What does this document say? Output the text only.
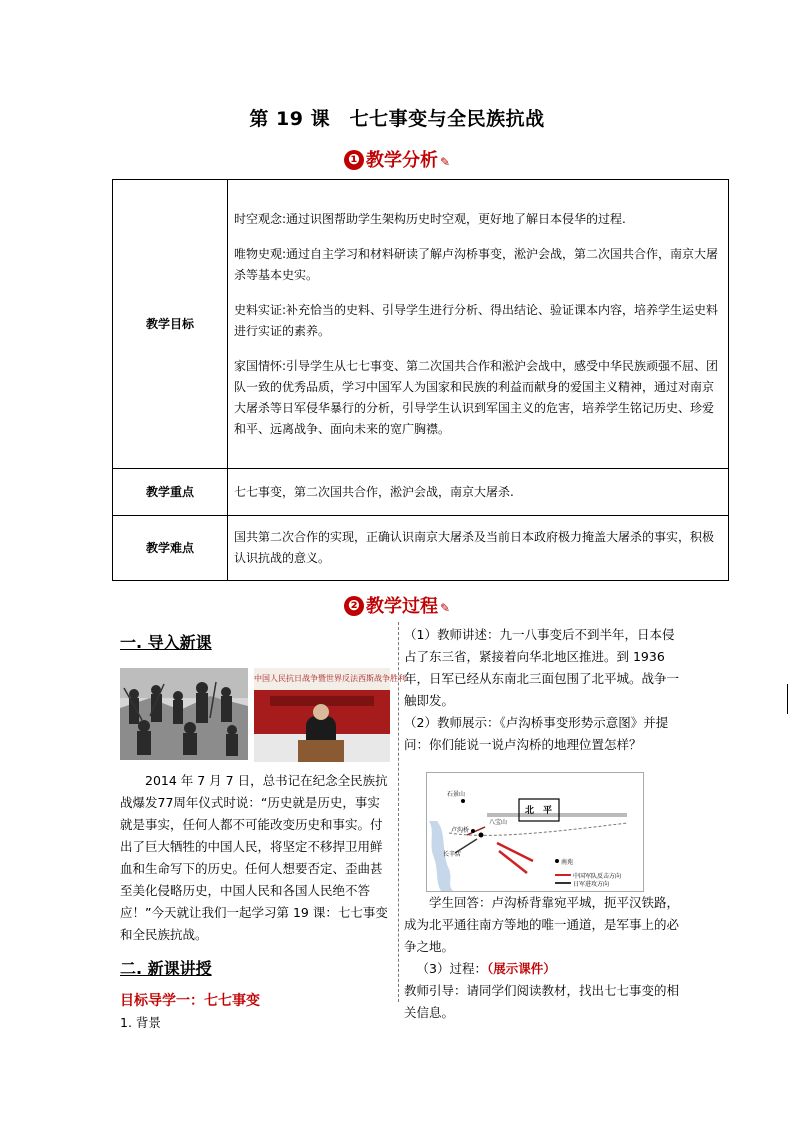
第 19 课　七七事变与全民族抗战
❶ 教学分析 ✎
教学目标	时空观念:通过识图帮助学生架构历史时空观，更好地了解日本侵华的过程.

唯物史观:通过自主学习和材料研读了解卢沟桥事变，淞沪会战，第二次国共合作，南京大屠杀等基本史实。

史料实证:补充恰当的史料、引导学生进行分析、得出结论、验证课本内容，培养学生运史料进行实证的素养。

家国情怀:引导学生从七七事变、第二次国共合作和淞沪会战中，感受中华民族顽强不屈、团队一致的优秀品质，学习中国军人为国家和民族的利益而献身的爱国主义精神，通过对南京大屠杀等日军侵华暴行的分析，引导学生认识到军国主义的危害，培养学生铭记历史、珍爱和平、远离战争、面向未来的宽广胸襟。

教学重点	七七事变，第二次国共合作，淞沪会战，南京大屠杀.

教学难点	国共第二次合作的实现，正确认识南京大屠杀及当前日本政府极力掩盖大屠杀的事实，积极认识抗战的意义。

❷ 教学过程 ✎
一. 导入新课
中国人民抗日战争暨世界反法西斯战争胜利

2014 年 7 月 7 日，总书记在纪念全民族抗战爆发77周年仪式时说：“历史就是历史，事实就是事实，任何人都不可能改变历史和事实。付出了巨大牺牲的中国人民，将坚定不移捍卫用鲜血和生命写下的历史。任何人想要否定、歪曲甚至美化侵略历史，中国人民和各国人民绝不答应！”今天就让我们一起学习第 19 课：七七事变和全民族抗战。

二. 新课讲授
目标导学一：七七事变
1. 背景

（1）教师讲述：九一八事变后不到半年，日本侵占了东三省，紧接着向华北地区推进。到 1936 年，日军已经从东南北三面包围了北平城。战争一触即发。

（2）教师展示：《卢沟桥事变形势示意图》并提问：你们能说一说卢沟桥的地理位置怎样？

北　平
石景山
八宝山
卢沟桥
长辛店
南苑
中国军队反击方向
日军进攻方向

学生回答：卢沟桥背靠宛平城，扼平汉铁路，成为北平通往南方等地的唯一通道，是军事上的必争之地。

（3）过程：（展示课件）

教师引导：请同学们阅读教材，找出七七事变的相关信息。
